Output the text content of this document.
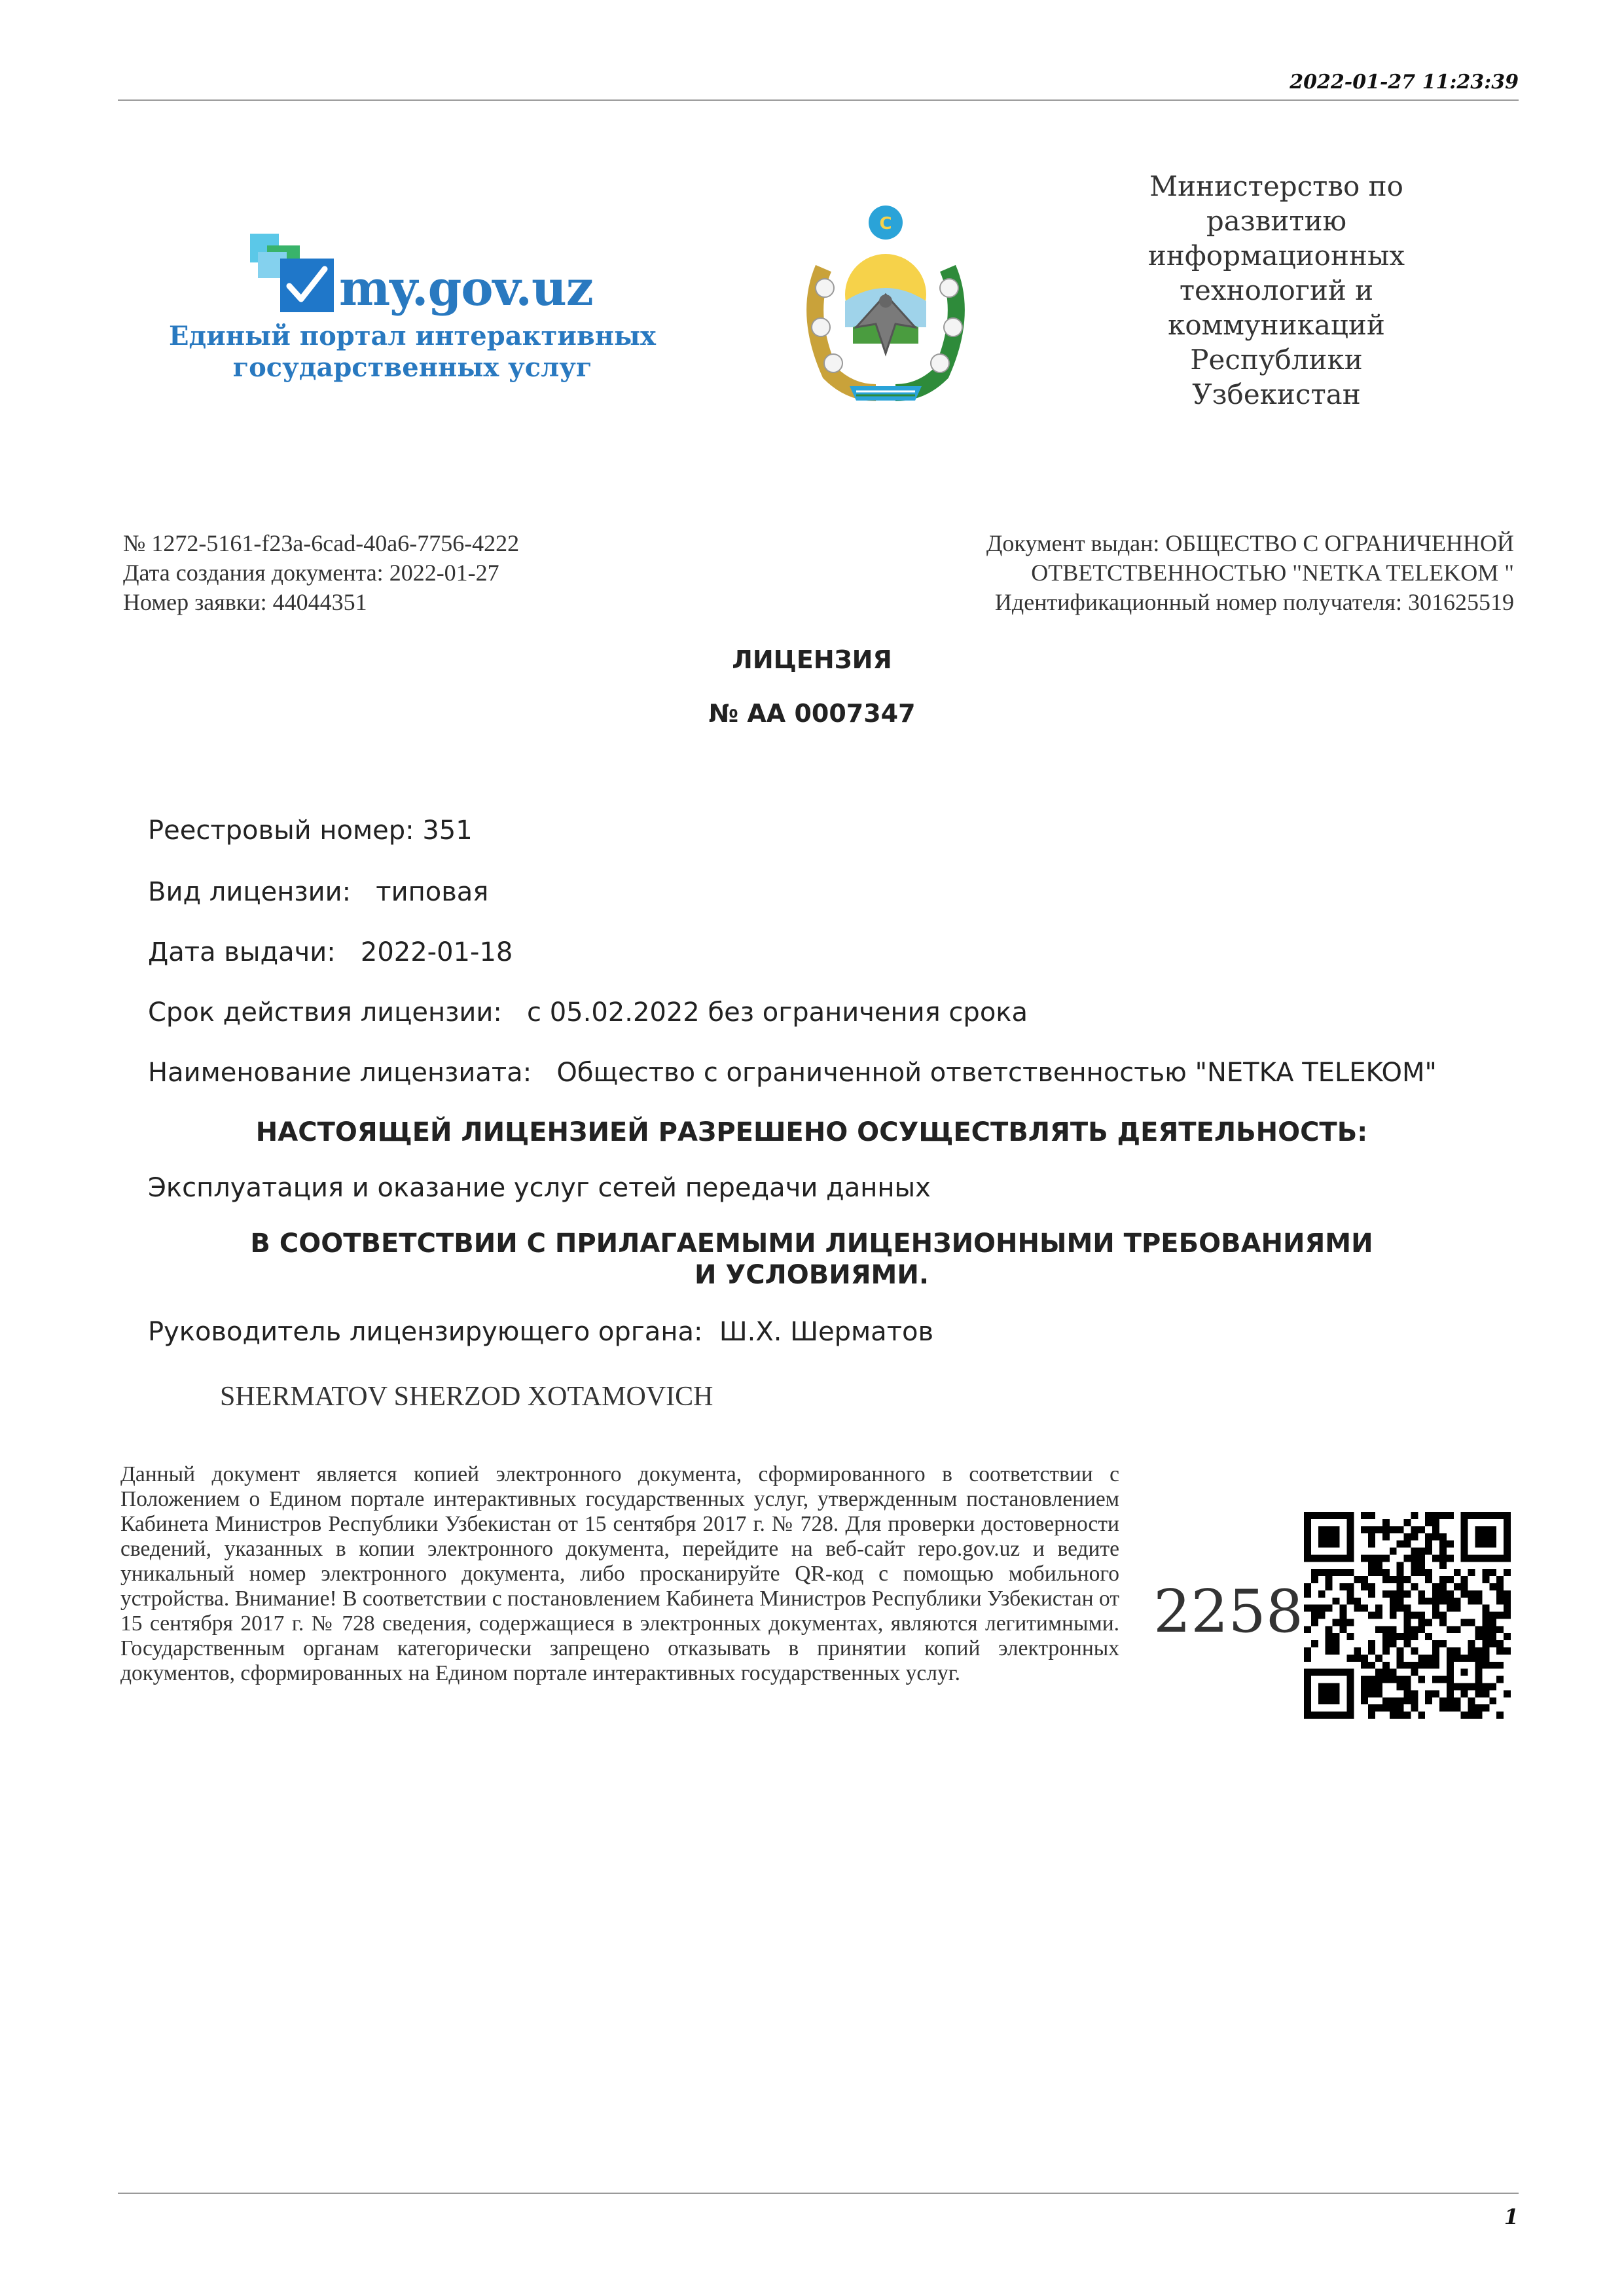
2022-01-27 11:23:39
my.gov.uz
Единый портал интерактивных
государственных услуг
C
Министерство по
развитию
информационных
технологий и
коммуникаций
Республики
Узбекистан
№ 1272-5161-f23a-6cad-40a6-7756-4222
Дата создания документа: 2022-01-27
Номер заявки: 44044351
Документ выдан: ОБЩЕСТВО С ОГРАНИЧЕННОЙ
ОТВЕТСТВЕННОСТЬЮ "NETKA TELEKOM "
Идентификационный номер получателя: 301625519
ЛИЦЕНЗИЯ
№ AA 0007347
Реестровый номер: 351
Вид лицензии: типовая
Дата выдачи: 2022-01-18
Срок действия лицензии: с 05.02.2022 без ограничения срока
Наименование лицензиата: Общество с ограниченной ответственностью "NETKA TELEKOM"
НАСТОЯЩЕЙ ЛИЦЕНЗИЕЙ РАЗРЕШЕНО ОСУЩЕСТВЛЯТЬ ДЕЯТЕЛЬНОСТЬ:
Эксплуатация и оказание услуг сетей передачи данных
В СООТВЕТСТВИИ С ПРИЛАГАЕМЫМИ ЛИЦЕНЗИОННЫМИ ТРЕБОВАНИЯМИ И УСЛОВИЯМИ.
Руководитель лицензирующего органа: Ш.Х. Шерматов
SHERMATOV SHERZOD XOTAMOVICH
Данный документ является копией электронного документа, сформированного в соответствии с Положением о Едином портале интерактивных государственных услуг, утвержденным постановлением Кабинета Министров Республики Узбекистан от 15 сентября 2017 г. № 728. Для проверки достоверности сведений, указанных в копии электронного документа, перейдите на веб-сайт repo.gov.uz и ведите уникальный номер электронного документа, либо просканируйте QR-код с помощью мобильного устройства. Внимание! В соответствии с постановлением Кабинета Министров Республики Узбекистан от 15 сентября 2017 г. № 728 сведения, содержащиеся в электронных документах, являются легитимными. Государственным органам категорически запрещено отказывать в принятии копий электронных документов, сформированных на Едином портале интерактивных государственных услуг.
2258
1
